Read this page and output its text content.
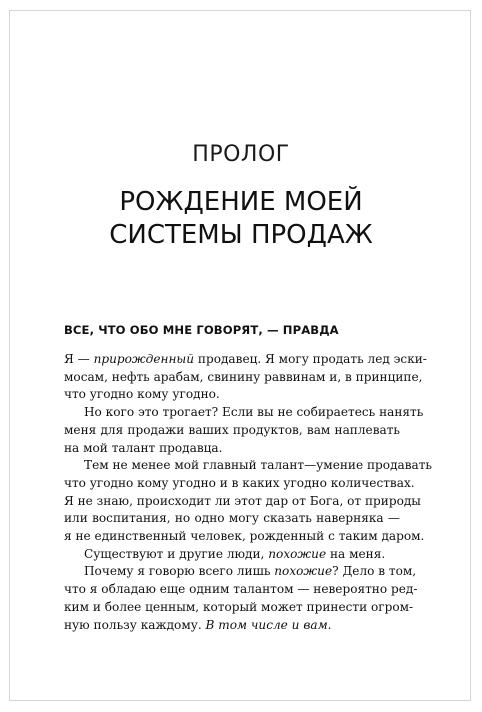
ПРОЛОГ
РОЖДЕНИЕ МОЕЙ
СИСТЕМЫ ПРОДАЖ
ВСЕ, ЧТО ОБО МНЕ ГОВОРЯТ, — ПРАВДА
Я — прирожденный продавец. Я могу продать лед эски-
мосам, нефть арабам, свинину раввинам и, в принципе,
что угодно кому угодно.
Но кого это трогает? Если вы не собираетесь нанять
меня для продажи ваших продуктов, вам наплевать
на мой талант продавца.
Тем не менее мой главный талант—умение продавать
что угодно кому угодно и в каких угодно количествах.
Я не знаю, происходит ли этот дар от Бога, от природы
или воспитания, но одно могу сказать наверняка —
я не единственный человек, рожденный с таким даром.
Существуют и другие люди, похожие на меня.
Почему я говорю всего лишь похожие? Дело в том,
что я обладаю еще одним талантом — невероятно ред-
ким и более ценным, который может принести огром-
ную пользу каждому. В том числе и вам.
